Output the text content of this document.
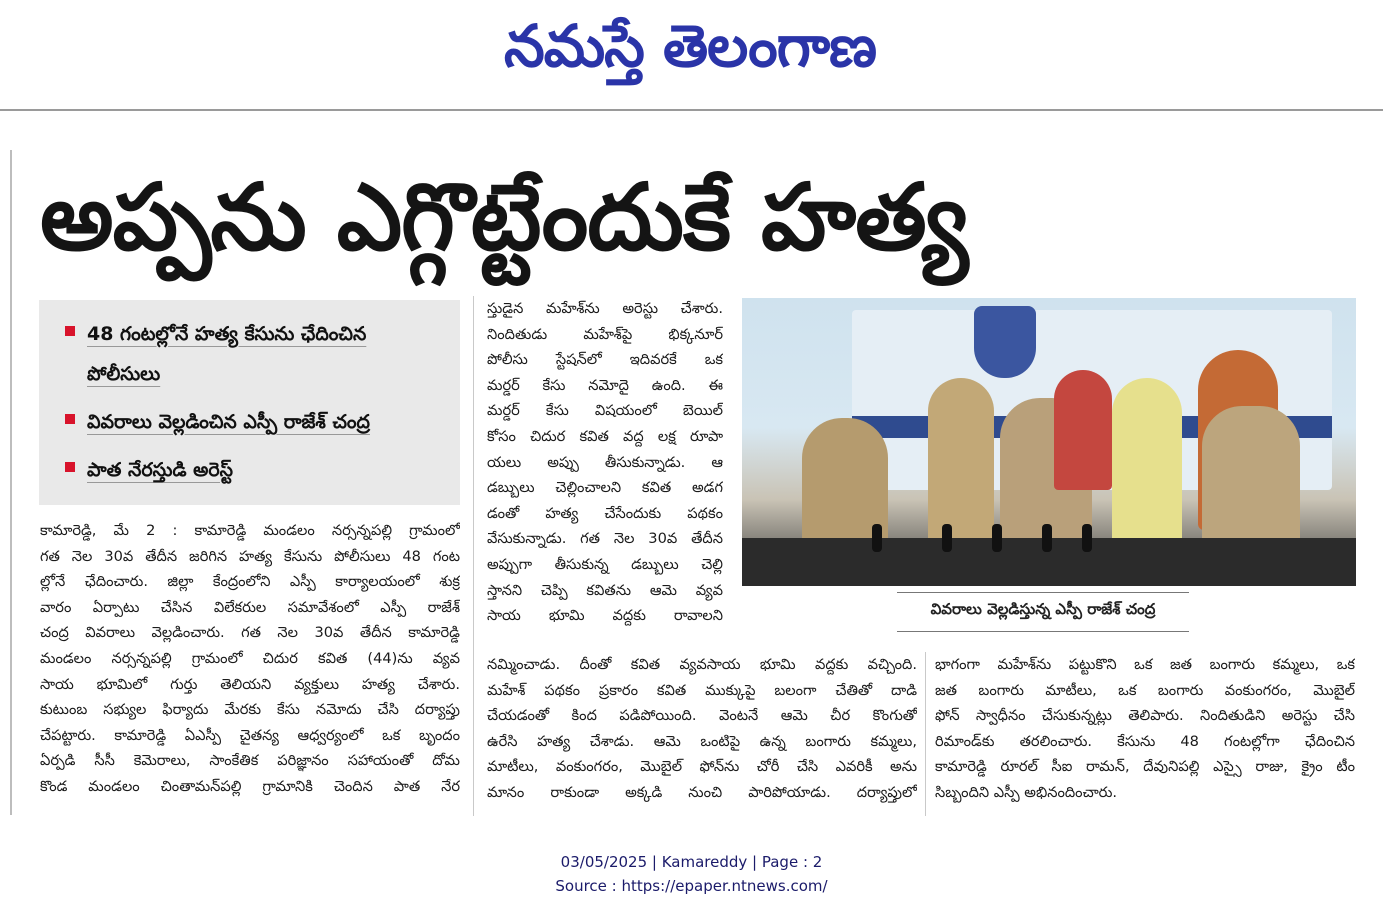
నమస్తే తెలంగాణ
అప్పను ఎగ్గొట్టేందుకే హత్య
48 గంటల్లోనే హత్య కేసును ఛేదించిన పోలీసులు
వివరాలు వెల్లడించిన ఎస్పీ రాజేశ్ చంద్ర
పాత నేరస్తుడి అరెస్ట్

కామారెడ్డి, మే 2 : కామారెడ్డి మండలం నర్సన్నపల్లి గ్రామంలో

గత నెల 30వ తేదీన జరిగిన హత్య కేసును పోలీసులు 48 గంట

ల్లోనే ఛేదించారు. జిల్లా కేంద్రంలోని ఎస్పీ కార్యాలయంలో శుక్ర

వారం ఏర్పాటు చేసిన విలేకరుల సమావేశంలో ఎస్పీ రాజేశ్

చంద్ర వివరాలు వెల్లడించారు. గత నెల 30వ తేదీన కామారెడ్డి

మండలం నర్సన్నపల్లి గ్రామంలో చిదుర కవిత (44)ను వ్యవ

సాయ భూమిలో గుర్తు తెలియని వ్యక్తులు హత్య చేశారు.

కుటుంబ సభ్యుల ఫిర్యాదు మేరకు కేసు నమోదు చేసి దర్యాప్తు

చేపట్టారు. కామారెడ్డి ఏఎస్పీ చైతన్య ఆధ్వర్యంలో ఒక బృందం

ఏర్పడి సీసీ కెమెరాలు, సాంకేతిక పరిజ్ఞానం సహాయంతో దోమ

కొండ మండలం చింతామన్‌పల్లి గ్రామానికి చెందిన పాత నేర

స్తుడైన మహేశ్‌ను అరెస్టు చేశారు.

నిందితుడు మహేశ్‌పై భిక్కనూర్

పోలీసు స్టేషన్‌లో ఇదివరకే ఒక

మర్డర్ కేసు నమోదై ఉంది. ఈ

మర్డర్ కేసు విషయంలో బెయిల్

కోసం చిదుర కవిత వద్ద లక్ష రూపా

యలు అప్పు తీసుకున్నాడు. ఆ

డబ్బులు చెల్లించాలని కవిత అడగ

డంతో హత్య చేసేందుకు పథకం

వేసుకున్నాడు. గత నెల 30వ తేదీన

అప్పుగా తీసుకున్న డబ్బులు చెల్లి

స్తానని చెప్పి కవితను ఆమె వ్యవ

సాయ భూమి వద్దకు రావాలని	వివరాలు వెల్లడిస్తున్న ఎస్పీ రాజేశ్ చంద్ర

నమ్మించాడు. దీంతో కవిత వ్యవసాయ భూమి వద్దకు వచ్చింది.

మహేశ్ పథకం ప్రకారం కవిత ముక్కుపై బలంగా చేతితో దాడి

చేయడంతో కింద పడిపోయింది. వెంటనే ఆమె చీర కొంగుతో

ఉరేసి హత్య చేశాడు. ఆమె ఒంటిపై ఉన్న బంగారు కమ్మలు,

మాటీలు, వంకుంగరం, మొబైల్ ఫోన్‌ను చోరీ చేసి ఎవరికీ అను

మానం రాకుండా అక్కడి నుంచి పారిపోయాడు. దర్యాప్తులో

భాగంగా మహేశ్‌ను పట్టుకొని ఒక జత బంగారు కమ్మలు, ఒక

జత బంగారు మాటీలు, ఒక బంగారు వంకుంగరం, మొబైల్

ఫోన్ స్వాధీనం చేసుకున్నట్లు తెలిపారు. నిందితుడిని అరెస్టు చేసి

రిమాండ్‌కు తరలించారు. కేసును 48 గంటల్లోగా ఛేదించిన

కామారెడ్డి రూరల్ సీఐ రామన్, దేవునిపల్లి ఎస్సై రాజు, క్రైం టీం

సిబ్బందిని ఎస్పీ అభినందించారు.

03/05/2025 | Kamareddy | Page : 2
Source : https://epaper.ntnews.com/
